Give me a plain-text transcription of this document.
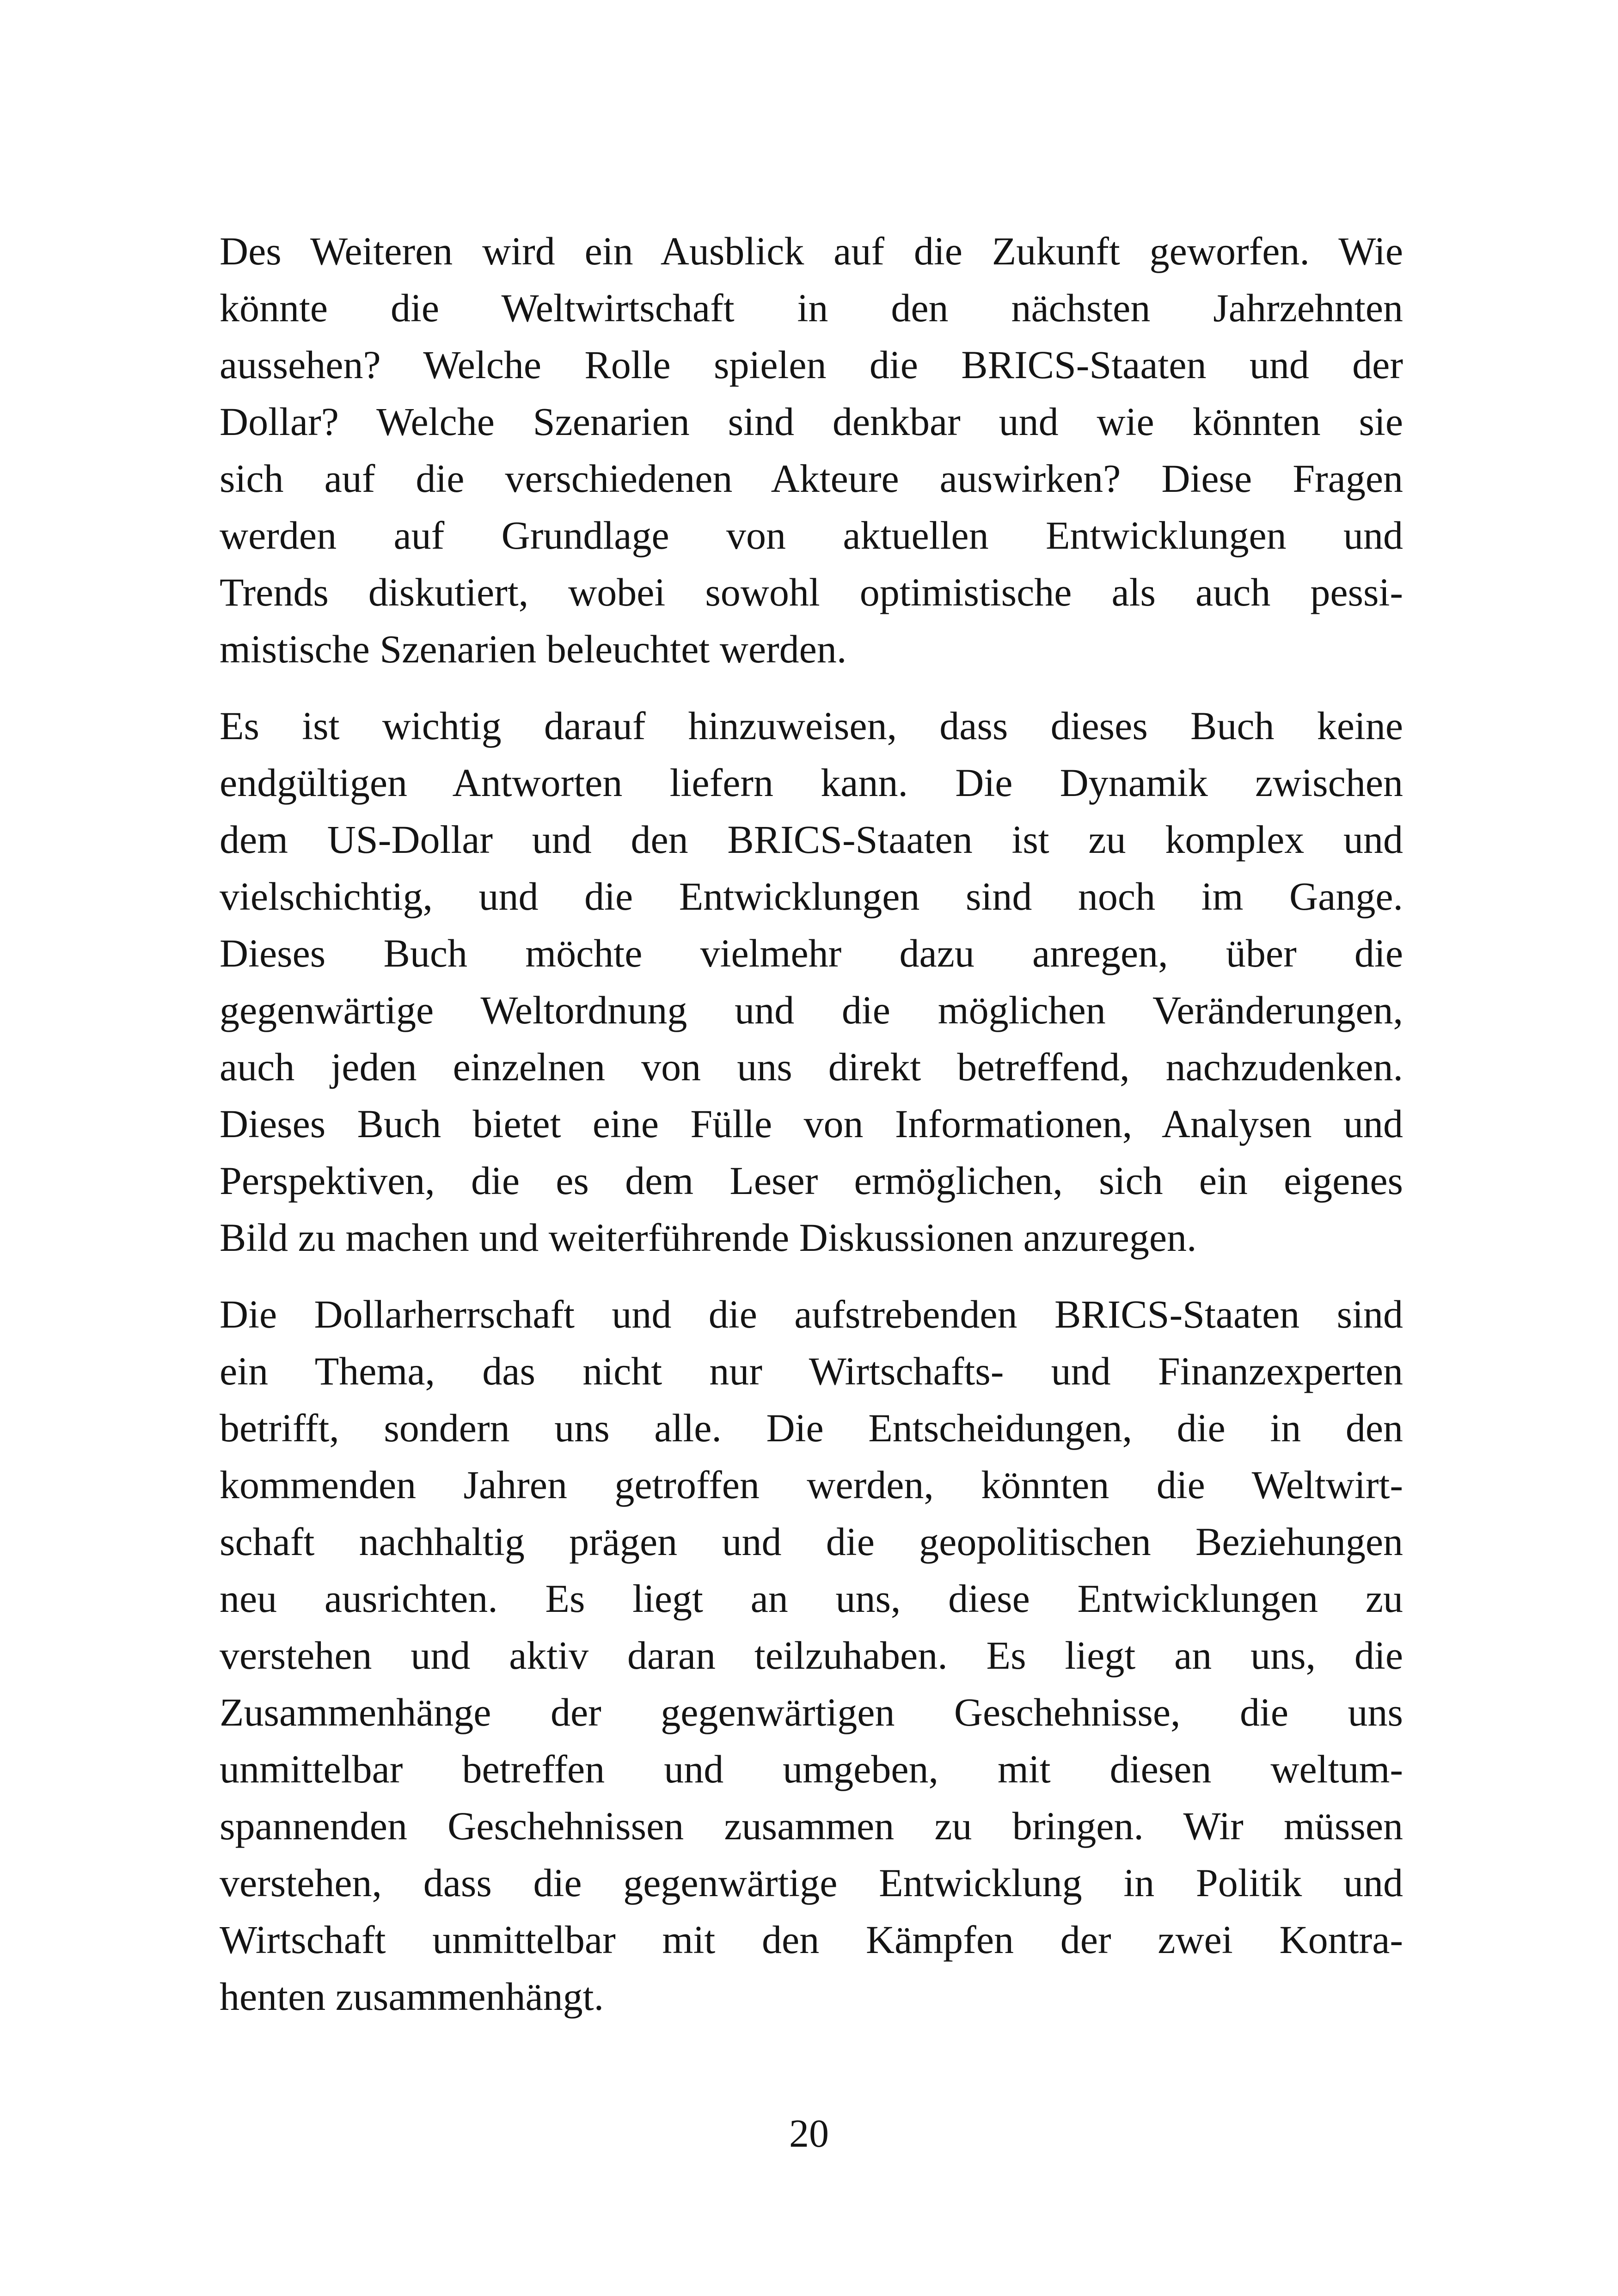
Des Weiteren wird ein Ausblick auf die Zukunft geworfen. Wie
könnte die Weltwirtschaft in den nächsten Jahrzehnten
aussehen? Welche Rolle spielen die BRICS-Staaten und der
Dollar? Welche Szenarien sind denkbar und wie könnten sie
sich auf die verschiedenen Akteure auswirken? Diese Fragen
werden auf Grundlage von aktuellen Entwicklungen und
Trends diskutiert, wobei sowohl optimistische als auch pessi-
mistische Szenarien beleuchtet werden.

Es ist wichtig darauf hinzuweisen, dass dieses Buch keine
endgültigen Antworten liefern kann. Die Dynamik zwischen
dem US-Dollar und den BRICS-Staaten ist zu komplex und
vielschichtig, und die Entwicklungen sind noch im Gange.
Dieses Buch möchte vielmehr dazu anregen, über die
gegenwärtige Weltordnung und die möglichen Veränderungen,
auch jeden einzelnen von uns direkt betreffend, nachzudenken.
Dieses Buch bietet eine Fülle von Informationen, Analysen und
Perspektiven, die es dem Leser ermöglichen, sich ein eigenes
Bild zu machen und weiterführende Diskussionen anzuregen.

Die Dollarherrschaft und die aufstrebenden BRICS-Staaten sind
ein Thema, das nicht nur Wirtschafts- und Finanzexperten
betrifft, sondern uns alle. Die Entscheidungen, die in den
kommenden Jahren getroffen werden, könnten die Weltwirt-
schaft nachhaltig prägen und die geopolitischen Beziehungen
neu ausrichten. Es liegt an uns, diese Entwicklungen zu
verstehen und aktiv daran teilzuhaben. Es liegt an uns, die
Zusammenhänge der gegenwärtigen Geschehnisse, die uns
unmittelbar betreffen und umgeben, mit diesen weltum-
spannenden Geschehnissen zusammen zu bringen. Wir müssen
verstehen, dass die gegenwärtige Entwicklung in Politik und
Wirtschaft unmittelbar mit den Kämpfen der zwei Kontra-
henten zusammenhängt.

20
